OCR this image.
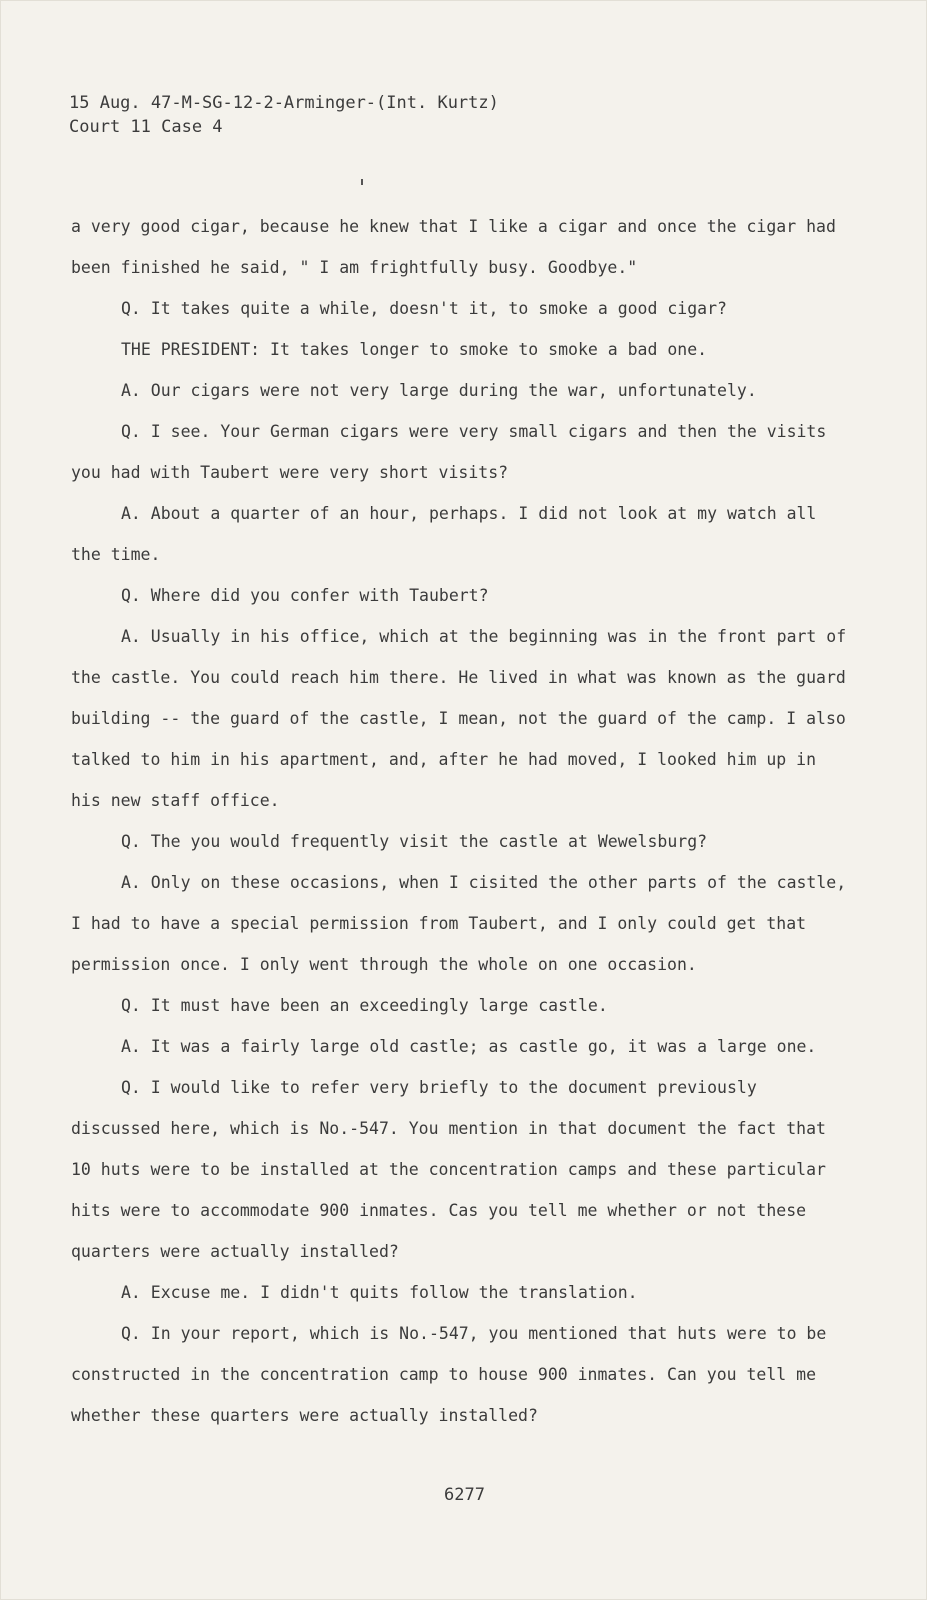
15 Aug. 47-M-SG-12-2-Arminger-(Int. Kurtz)
Court 11 Case 4

a very good cigar, because he knew that I like a cigar and once the cigar had been finished he said, " I am frightfully busy. Goodbye."

Q. It takes quite a while, doesn't it, to smoke a good cigar?

THE PRESIDENT: It takes longer to smoke to smoke a bad one.

A. Our cigars were not very large during the war, unfortunately.

Q. I see. Your German cigars were very small cigars and then the visits you had with Taubert were very short visits?

A. About a quarter of an hour, perhaps. I did not look at my watch all the time.

Q. Where did you confer with Taubert?

A. Usually in his office, which at the beginning was in the front part of the castle. You could reach him there. He lived in what was known as the guard building -- the guard of the castle, I mean, not the guard of the camp. I also talked to him in his apartment, and, after he had moved, I looked him up in his new staff office.

Q. The you would frequently visit the castle at Wewelsburg?

A. Only on these occasions, when I cisited the other parts of the castle, I had to have a special permission from Taubert, and I only could get that permission once. I only went through the whole on one occasion.

Q. It must have been an exceedingly large castle.

A. It was a fairly large old castle; as castle go, it was a large one.

Q. I would like to refer very briefly to the document previously discussed here, which is No.-547. You mention in that document the fact that 10 huts were to be installed at the concentration camps and these particular hits were to accommodate 900 inmates. Cas you tell me whether or not these quarters were actually installed?

A. Excuse me. I didn't quits follow the translation.

Q. In your report, which is No.-547, you mentioned that huts were to be constructed in the concentration camp to house 900 inmates. Can you tell me whether these quarters were actually installed?

6277
